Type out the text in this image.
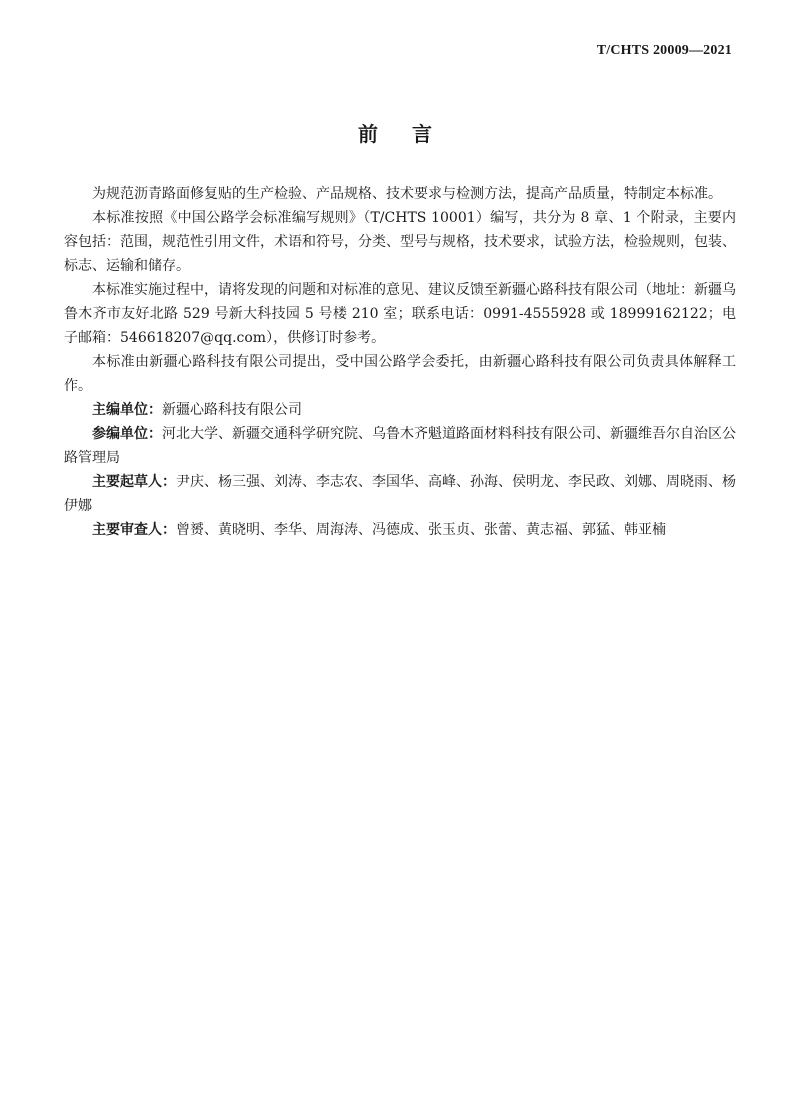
T/CHTS 20009—2021
前言

为规范沥青路面修复贴的生产检验、产品规格、技术要求与检测方法，提高产品质量，特制定本标准。

本标准按照《中国公路学会标准编写规则》（T/CHTS 10001）编写，共分为 8 章、1 个附录，主要内容包括：范围，规范性引用文件，术语和符号，分类、型号与规格，技术要求，试验方法，检验规则，包装、标志、运输和储存。

本标准实施过程中，请将发现的问题和对标准的意见、建议反馈至新疆心路科技有限公司（地址：新疆乌鲁木齐市友好北路 529 号新大科技园 5 号楼 210 室；联系电话：0991-4555928 或 18999162122；电子邮箱：546618207@qq.com），供修订时参考。

本标准由新疆心路科技有限公司提出，受中国公路学会委托，由新疆心路科技有限公司负责具体解释工作。

主编单位：新疆心路科技有限公司

参编单位：河北大学、新疆交通科学研究院、乌鲁木齐魁道路面材料科技有限公司、新疆维吾尔自治区公路管理局

主要起草人：尹庆、杨三强、刘涛、李志农、李国华、高峰、孙海、侯明龙、李民政、刘娜、周晓雨、杨伊娜

主要审查人：曾赟、黄晓明、李华、周海涛、冯德成、张玉贞、张蕾、黄志福、郭猛、韩亚楠
